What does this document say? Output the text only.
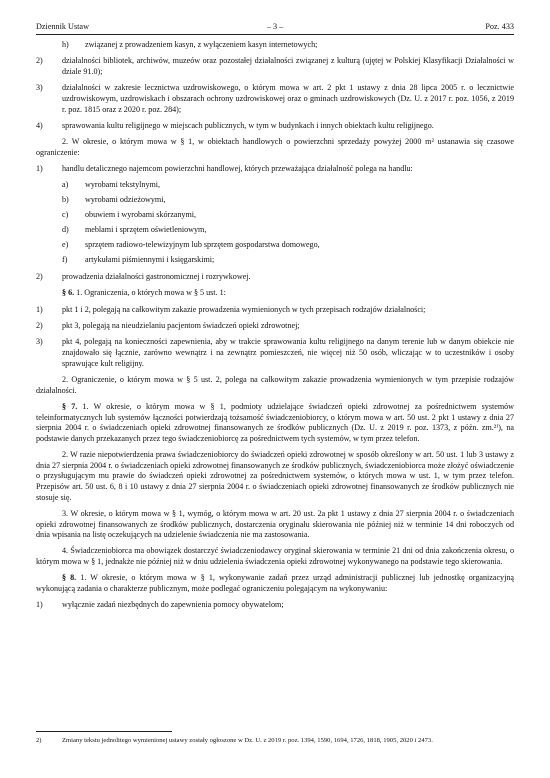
Dziennik Ustaw	– 3 –	Poz. 433
h)	związanej z prowadzeniem kasyn, z wyłączeniem kasyn internetowych;
2) działalności bibliotek, archiwów, muzeów oraz pozostałej działalności związanej z kulturą (ujętej w Polskiej Klasyfikacji Działalności w dziale 91.0);
3) działalności w zakresie lecznictwa uzdrowiskowego, o którym mowa w art. 2 pkt 1 ustawy z dnia 28 lipca 2005 r. o lecznictwie uzdrowiskowym, uzdrowiskach i obszarach ochrony uzdrowiskowej oraz o gminach uzdrowiskowych (Dz. U. z 2017 r. poz. 1056, z 2019 r. poz. 1815 oraz z 2020 r. poz. 284);
4) sprawowania kultu religijnego w miejscach publicznych, w tym w budynkach i innych obiektach kultu religijnego.

2. W okresie, o którym mowa w § 1, w obiektach handlowych o powierzchni sprzedaży powyżej 2000 m² ustanawia się czasowe ograniczenie:

1) handlu detalicznego najemcom powierzchni handlowej, których przeważająca działalność polega na handlu:
a)	wyrobami tekstylnymi,
b)	wyrobami odzieżowymi,
c)	obuwiem i wyrobami skórzanymi,
d)	meblami i sprzętem oświetleniowym,
e)	sprzętem radiowo-telewizyjnym lub sprzętem gospodarstwa domowego,
f)	artykułami piśmiennymi i księgarskimi;
2) prowadzenia działalności gastronomicznej i rozrywkowej.

§ 6. 1. Ograniczenia, o których mowa w § 5 ust. 1:

1) pkt 1 i 2, polegają na całkowitym zakazie prowadzenia wymienionych w tych przepisach rodzajów działalności;
2) pkt 3, polegają na nieudzielaniu pacjentom świadczeń opieki zdrowotnej;
3) pkt 4, polegają na konieczności zapewnienia, aby w trakcie sprawowania kultu religijnego na danym terenie lub w danym obiekcie nie znajdowało się łącznie, zarówno wewnątrz i na zewnątrz pomieszczeń, nie więcej niż 50 osób, wliczając w to uczestników i osoby sprawujące kult religijny.

2. Ograniczenie, o którym mowa w § 5 ust. 2, polega na całkowitym zakazie prowadzenia wymienionych w tym przepisie rodzajów działalności.

§ 7. 1. W okresie, o którym mowa w § 1, podmioty udzielające świadczeń opieki zdrowotnej za pośrednictwem systemów teleinformatycznych lub systemów łączności potwierdzają tożsamość świadczeniobiorcy, o którym mowa w art. 50 ust. 2 pkt 1 ustawy z dnia 27 sierpnia 2004 r. o świadczeniach opieki zdrowotnej finansowanych ze środków publicznych (Dz. U. z 2019 r. poz. 1373, z późn. zm.²⁾), na podstawie danych przekazanych przez tego świadczeniobiorcę za pośrednictwem tych systemów, w tym przez telefon.

2. W razie niepotwierdzenia prawa świadczeniobiorcy do świadczeń opieki zdrowotnej w sposób określony w art. 50 ust. 1 lub 3 ustawy z dnia 27 sierpnia 2004 r. o świadczeniach opieki zdrowotnej finansowanych ze środków publicznych, świadczeniobiorca może złożyć oświadczenie o przysługującym mu prawie do świadczeń opieki zdrowotnej za pośrednictwem systemów, o których mowa w ust. 1, w tym przez telefon. Przepisów art. 50 ust. 6, 8 i 10 ustawy z dnia 27 sierpnia 2004 r. o świadczeniach opieki zdrowotnej finansowanych ze środków publicznych nie stosuje się.

3. W okresie, o którym mowa w § 1, wymóg, o którym mowa w art. 20 ust. 2a pkt 1 ustawy z dnia 27 sierpnia 2004 r. o świadczeniach opieki zdrowotnej finansowanych ze środków publicznych, dostarczenia oryginału skierowania nie później niż w terminie 14 dni roboczych od dnia wpisania na listę oczekujących na udzielenie świadczenia nie ma zastosowania.

4. Świadczeniobiorca ma obowiązek dostarczyć świadczeniodawcy oryginał skierowania w terminie 21 dni od dnia zakończenia okresu, o którym mowa w § 1, jednakże nie później niż w dniu udzielenia świadczenia opieki zdrowotnej wykonywanego na podstawie tego skierowania.

§ 8. 1. W okresie, o którym mowa w § 1, wykonywanie zadań przez urząd administracji publicznej lub jednostkę organizacyjną wykonującą zadania o charakterze publicznym, może podlegać ograniczeniu polegającym na wykonywaniu:

1) wyłącznie zadań niezbędnych do zapewnienia pomocy obywatelom;
2)	Zmiany tekstu jednolitego wymienionej ustawy zostały ogłoszone w Dz. U. z 2019 r. poz. 1394, 1590, 1694, 1726, 1818, 1905, 2020 i 2473.
